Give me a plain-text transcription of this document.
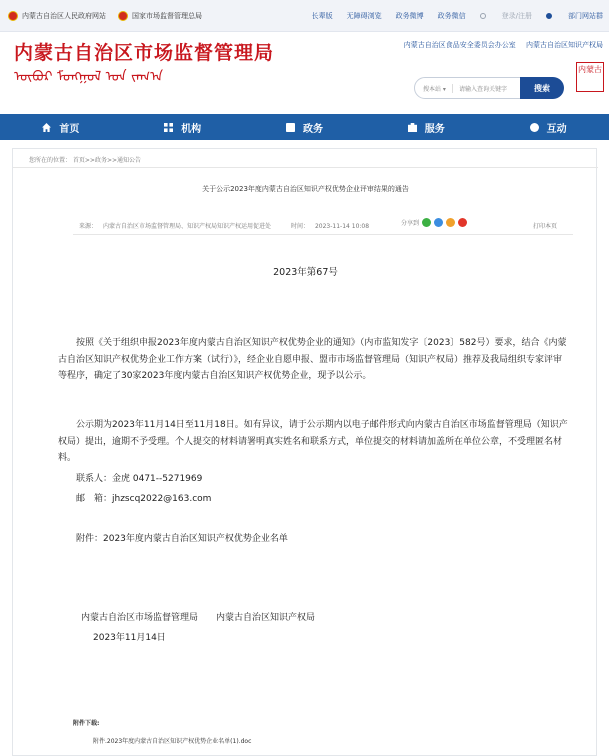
内蒙古自治区人民政府网站	国家市场监督管理总局	长辈版 无障碍浏览 政务微博 政务微信	登录/注册	部门网站群
内蒙古自治区市场监督管理局
ᠥᠪᠥᠷ ᠮᠣᠩᠭᠣᠯ ᠤᠨ ᠵᠠᠬ᠎ᠠ
内蒙古自治区食品安全委员会办公室 内蒙古自治区知识产权局
搜本站 ▾	请输入查询关键字	搜索
内蒙古
首页	机构	政务	服务	互动
您所在的位置： 首页>>政务>>通知公告
关于公示2023年度内蒙古自治区知识产权优势企业评审结果的通告
来源： 内蒙古自治区市场监督管理局、知识产权局知识产权运用促进处	时间： 2023-11-14 10:08	分享到	打印本页
2023年第67号
按照《关于组织申报2023年度内蒙古自治区知识产权优势企业的通知》（内市监知发字〔2023〕582号）要求，结合《内蒙古自治区知识产权优势企业工作方案（试行）》，经企业自愿申报、盟市市场监督管理局（知识产权局）推荐及我局组织专家评审等程序，确定了30家2023年度内蒙古自治区知识产权优势企业，现予以公示。
公示期为2023年11月14日至11月18日。如有异议，请于公示期内以电子邮件形式向内蒙古自治区市场监督管理局（知识产权局）提出，逾期不予受理。个人提交的材料请署明真实姓名和联系方式，单位提交的材料请加盖所在单位公章，不受理匿名材料。
联系人：金虎 0471--5271969
邮　箱：jhzscq2022@163.com
附件：2023年度内蒙古自治区知识产权优势企业名单
内蒙古自治区市场监督管理局　　内蒙古自治区知识产权局
2023年11月14日
附件下载:
附件.2023年度内蒙古自治区知识产权优势企业名单(1).doc
